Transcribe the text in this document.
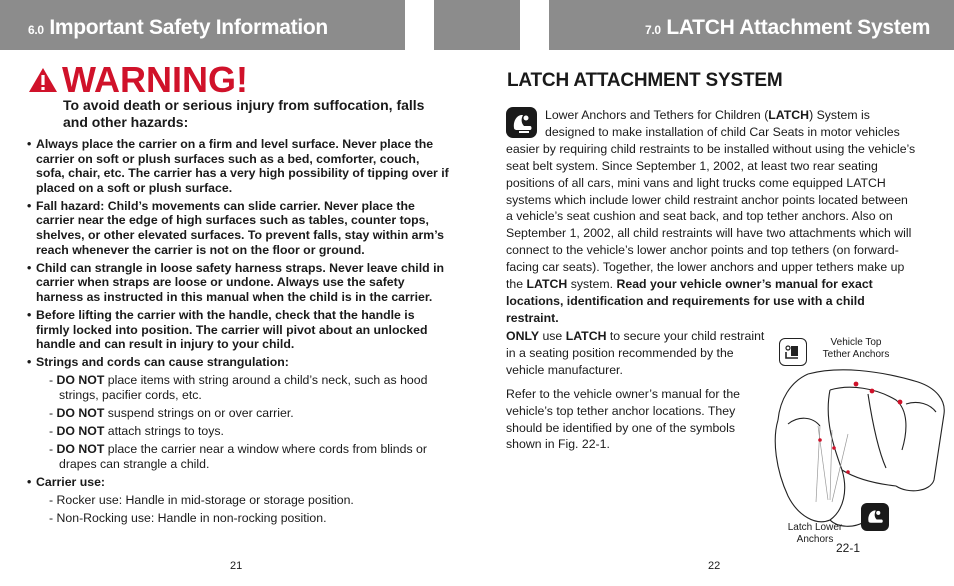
6.0 Important Safety Information	7.0 LATCH Attachment System
WARNING!
To avoid death or serious injury from suffocation, falls and other hazards:
• Always place the carrier on a firm and level surface. Never place the carrier on soft or plush surfaces such as a bed, comforter, couch, sofa, chair, etc. The carrier has a very high possibility of tipping over if placed on a soft or plush surface.
• Fall hazard: Child’s movements can slide carrier. Never place the carrier near the edge of high surfaces such as tables, counter tops, shelves, or other elevated surfaces. To prevent falls, stay within arm’s reach whenever the carrier is not on the floor or ground.
• Child can strangle in loose safety harness straps. Never leave child in carrier when straps are loose or undone. Always use the safety harness as instructed in this manual when the child is in the carrier.
• Before lifting the carrier with the handle, check that the handle is firmly locked into position. The carrier will pivot about an unlocked handle and can result in injury to your child.
• Strings and cords can cause strangulation:
- DO NOT place items with string around a child’s neck, such as hood strings, pacifier cords, etc.
- DO NOT suspend strings on or over carrier.
- DO NOT attach strings to toys.
- DO NOT place the carrier near a window where cords from blinds or drapes can strangle a child.
• Carrier use:
- Rocker use: Handle in mid-storage or storage position.
- Non-Rocking use: Handle in non-rocking position.
21
LATCH ATTACHMENT SYSTEM
Lower Anchors and Tethers for Children (LATCH) System is designed to make installation of child Car Seats in motor vehicles easier by requiring child restraints to be installed without using the vehicle’s seat belt system. Since September 1, 2002, at least two rear seating positions of all cars, mini vans and light trucks come equipped LATCH systems which include lower child restraint anchor points located between a vehicle’s seat cushion and seat back, and top tether anchors. Also on September 1, 2002, all child restraints will have two attachments which will connect to the vehicle’s lower anchor points and top tethers (on forward-facing car seats). Together, the lower anchors and upper tethers make up the LATCH system. Read your vehicle owner’s manual for exact locations, identification and requirements for use with a child restraint.

ONLY use LATCH to secure your child restraint in a seating position recommended by the vehicle manufacturer.

Refer to the vehicle owner’s manual for the vehicle’s top tether anchor locations. They should be identified by one of the symbols shown in Fig. 22-1.

Vehicle Top
Tether Anchors
Latch Lower
Anchors
22-1
22
